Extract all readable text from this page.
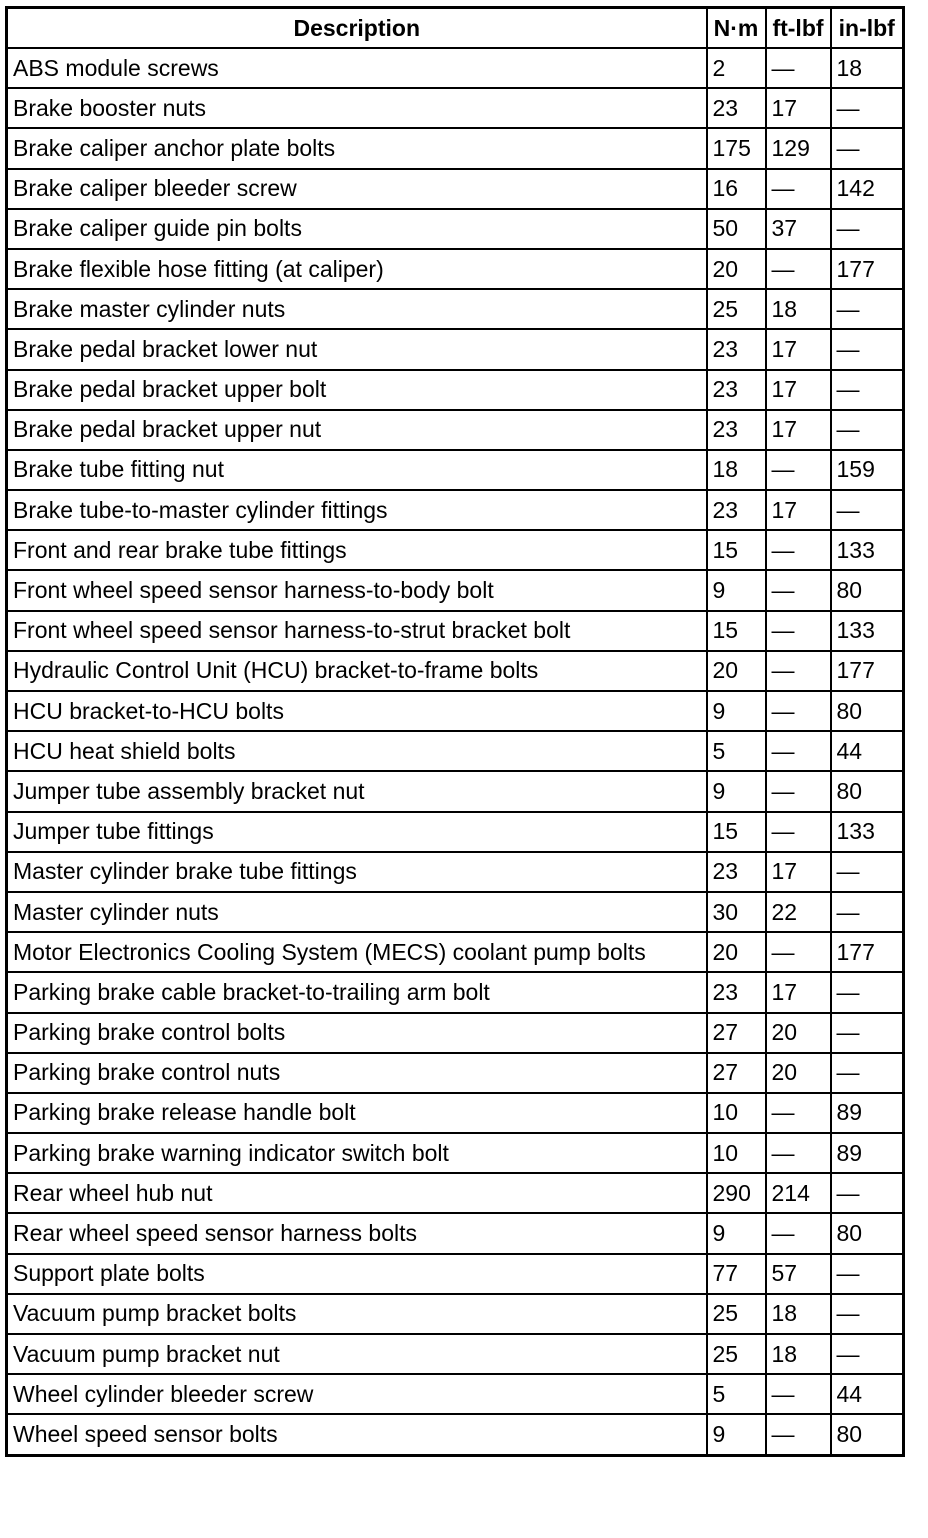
Description	N·m	ft-lbf	in-lbf
ABS module screws	2	—	18
Brake booster nuts	23	17	—
Brake caliper anchor plate bolts	175	129	—
Brake caliper bleeder screw	16	—	142
Brake caliper guide pin bolts	50	37	—
Brake flexible hose fitting (at caliper)	20	—	177
Brake master cylinder nuts	25	18	—
Brake pedal bracket lower nut	23	17	—
Brake pedal bracket upper bolt	23	17	—
Brake pedal bracket upper nut	23	17	—
Brake tube fitting nut	18	—	159
Brake tube-to-master cylinder fittings	23	17	—
Front and rear brake tube fittings	15	—	133
Front wheel speed sensor harness-to-body bolt	9	—	80
Front wheel speed sensor harness-to-strut bracket bolt	15	—	133
Hydraulic Control Unit (HCU) bracket-to-frame bolts	20	—	177
HCU bracket-to-HCU bolts	9	—	80
HCU heat shield bolts	5	—	44
Jumper tube assembly bracket nut	9	—	80
Jumper tube fittings	15	—	133
Master cylinder brake tube fittings	23	17	—
Master cylinder nuts	30	22	—
Motor Electronics Cooling System (MECS) coolant pump bolts	20	—	177
Parking brake cable bracket-to-trailing arm bolt	23	17	—
Parking brake control bolts	27	20	—
Parking brake control nuts	27	20	—
Parking brake release handle bolt	10	—	89
Parking brake warning indicator switch bolt	10	—	89
Rear wheel hub nut	290	214	—
Rear wheel speed sensor harness bolts	9	—	80
Support plate bolts	77	57	—
Vacuum pump bracket bolts	25	18	—
Vacuum pump bracket nut	25	18	—
Wheel cylinder bleeder screw	5	—	44
Wheel speed sensor bolts	9	—	80
